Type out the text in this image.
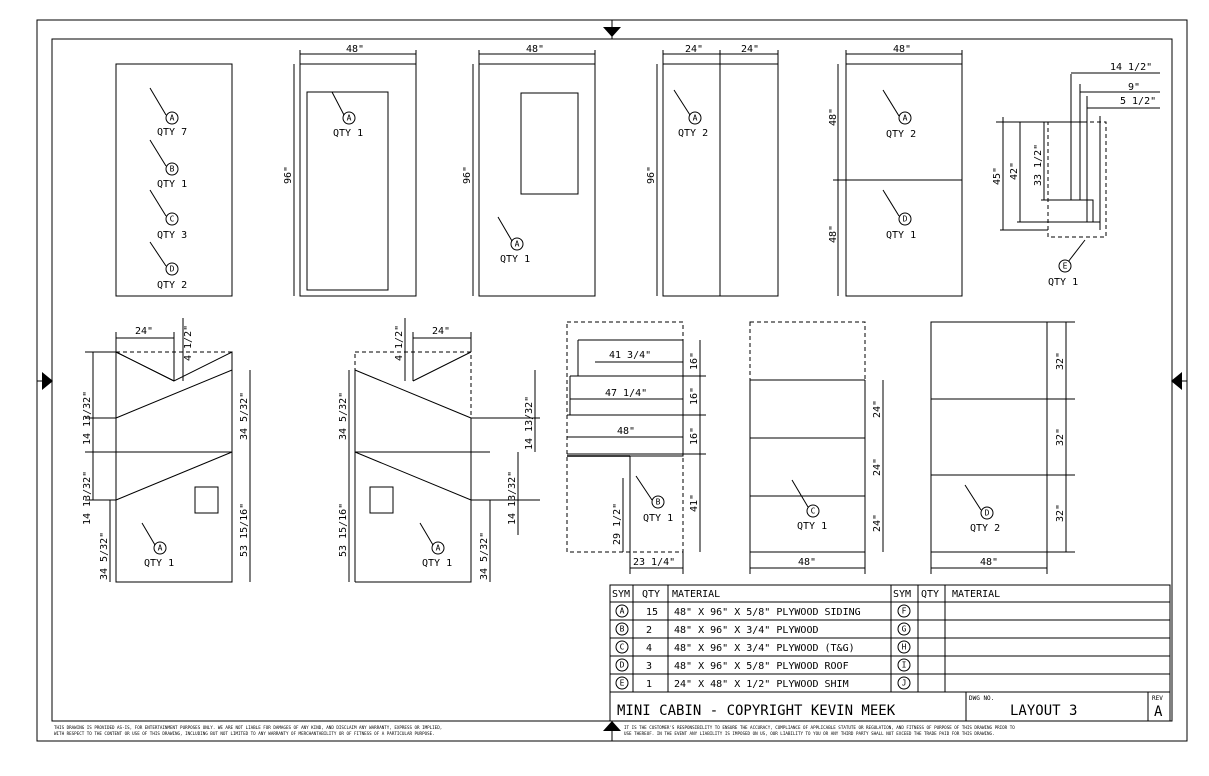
A
QTY 7
B
QTY 1
C
QTY 3
D
QTY 2
48"
96"
A
QTY 1
48"
96"
A
QTY 1
24"	24"
96"
A
QTY 2
48"
48"
48"
A
QTY 2
D
QTY 1
14 1/2"
9"
5 1/2"
45" 42" 33 1/2"
E
QTY 1
24"	4 1/2"
14 13/32"
14 13/32"
34 5/32"
34 5/32"
53 15/16"
A
QTY 1
24"
4 1/2"
14 13/32"
14 13/32"
34 5/32"
34 5/32"
53 15/16"	A
QTY 1
41 3/4"
47 1/4"
48"
23 1/4"
29 1/2"
16"
16"
16"
41"
B
QTY 1
48"
24"
24"
24"
C
QTY 1
32"
32"
32"
48"
D
QTY 2
SYM QTY MATERIAL	SYM QTY MATERIAL
A 15 48" X 96" X 5/8" PLYWOOD SIDING	F
B 2 48" X 96" X 3/4" PLYWOOD	G
C 4 48" X 96" X 3/4" PLYWOOD (T&G)	H
D 3 48" X 96" X 5/8" PLYWOOD ROOF	I
E 1 24" X 48" X 1/2" PLYWOOD SHIM	J
MINI CABIN - COPYRIGHT KEVIN MEEK
DWG NO.
LAYOUT 3
REV
A
THIS DRAWING IS PROVIDED AS-IS, FOR ENTERTAINMENT PURPOSES ONLY. WE ARE NOT LIABLE FOR DAMAGES OF ANY KIND, AND DISCLAIM ANY WARRANTY, EXPRESS OR IMPLIED,
WITH RESPECT TO THE CONTENT OR USE OF THIS DRAWING, INCLUDING BUT NOT LIMITED TO ANY WARRANTY OF MERCHANTABILITY OR OF FITNESS OF A PARTICULAR PURPOSE.
IT IS THE CUSTOMER'S RESPONSIBILITY TO ENSURE THE ACCURACY, COMPLIANCE OF APPLICABLE STATUTE OR REGULATION, AND FITNESS OF PURPOSE OF THIS DRAWING PRIOR TO
USE THEREOF. IN THE EVENT ANY LIABILITY IS IMPOSED ON US, OUR LIABILITY TO YOU OR ANY THIRD PARTY SHALL NOT EXCEED THE TRADE PAID FOR THIS DRAWING.
